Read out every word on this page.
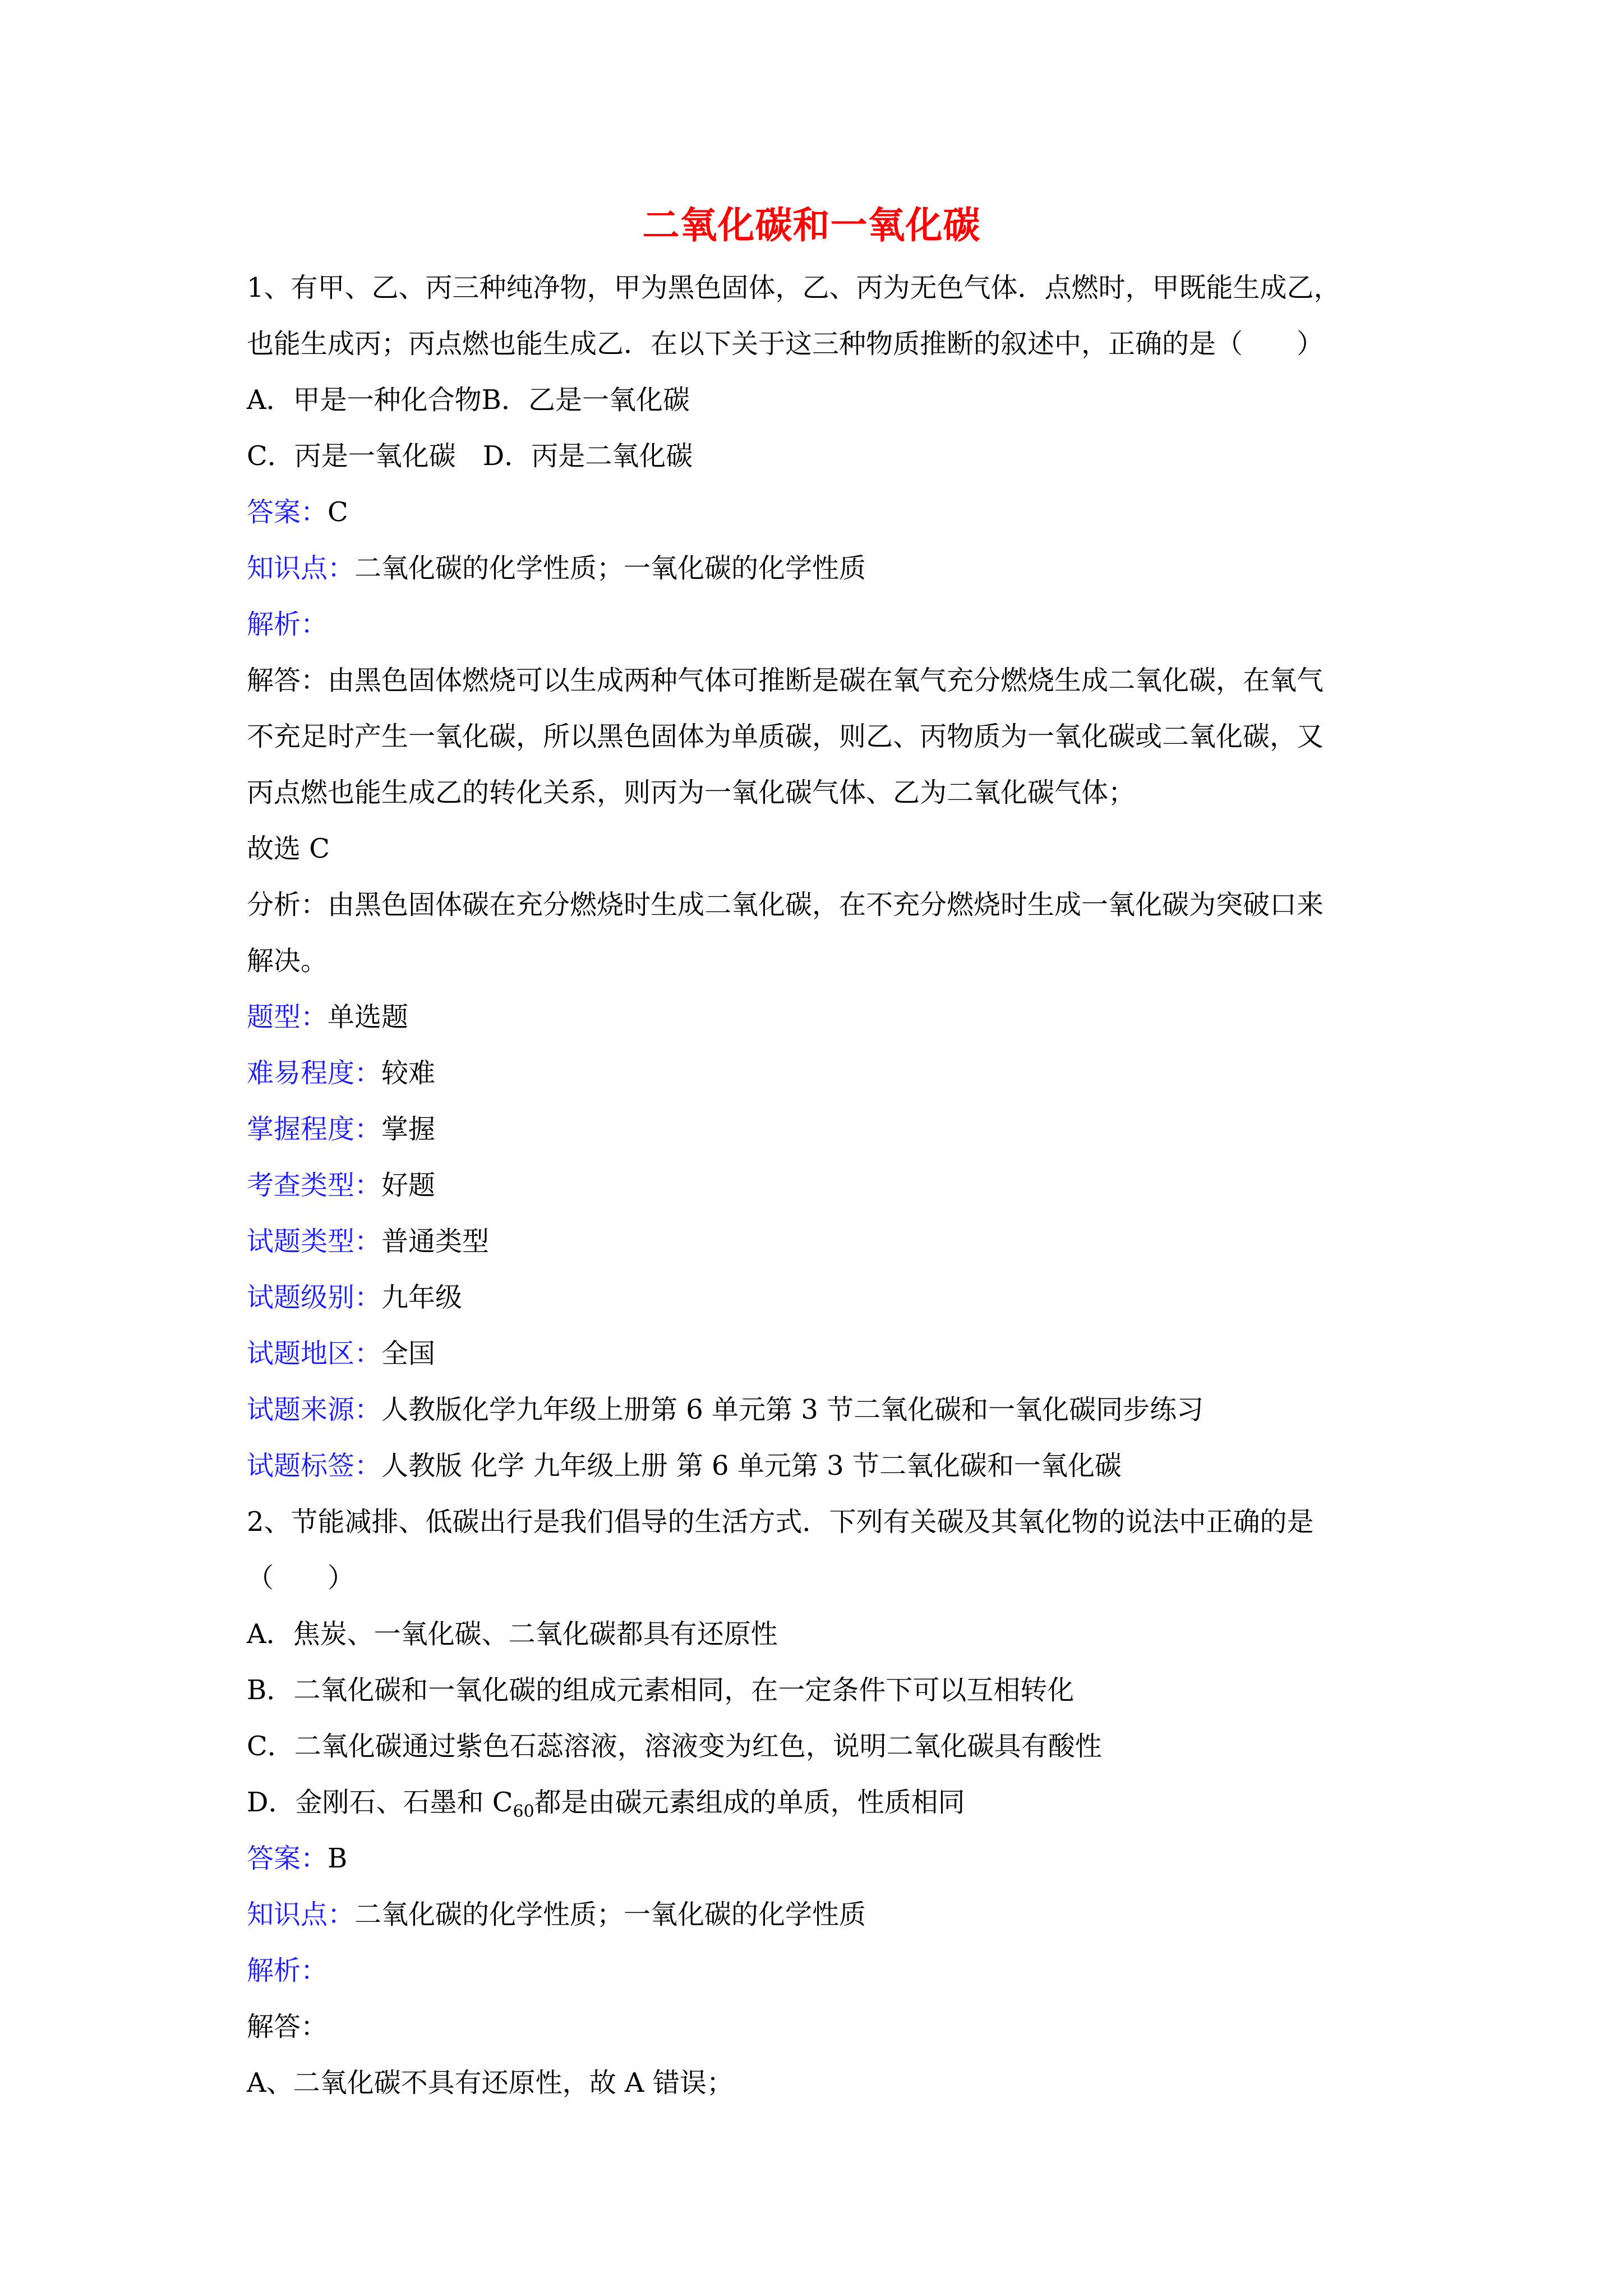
二氧化碳和一氧化碳
1、有甲、乙、丙三种纯净物，甲为黑色固体，乙、丙为无色气体．点燃时，甲既能生成乙，
也能生成丙；丙点燃也能生成乙．在以下关于这三种物质推断的叙述中，正确的是（　　）
A．甲是一种化合物B．乙是一氧化碳
C．丙是一氧化碳　D．丙是二氧化碳
答案：C
知识点：二氧化碳的化学性质；一氧化碳的化学性质
解析：
解答：由黑色固体燃烧可以生成两种气体可推断是碳在氧气充分燃烧生成二氧化碳，在氧气
不充足时产生一氧化碳，所以黑色固体为单质碳，则乙、丙物质为一氧化碳或二氧化碳，又
丙点燃也能生成乙的转化关系，则丙为一氧化碳气体、乙为二氧化碳气体；
故选 C
分析：由黑色固体碳在充分燃烧时生成二氧化碳，在不充分燃烧时生成一氧化碳为突破口来
解决。
题型：单选题
难易程度：较难
掌握程度：掌握
考查类型：好题
试题类型：普通类型
试题级别：九年级
试题地区：全国
试题来源：人教版化学九年级上册第 6 单元第 3 节二氧化碳和一氧化碳同步练习
试题标签：人教版 化学 九年级上册 第 6 单元第 3 节二氧化碳和一氧化碳
2、节能减排、低碳出行是我们倡导的生活方式．下列有关碳及其氧化物的说法中正确的是
（　　）
A．焦炭、一氧化碳、二氧化碳都具有还原性
B．二氧化碳和一氧化碳的组成元素相同，在一定条件下可以互相转化
C．二氧化碳通过紫色石蕊溶液，溶液变为红色，说明二氧化碳具有酸性
D．金刚石、石墨和 $C_{60}$都是由碳元素组成的单质，性质相同
答案：B
知识点：二氧化碳的化学性质；一氧化碳的化学性质
解析：
解答：
A、二氧化碳不具有还原性，故 A 错误；
